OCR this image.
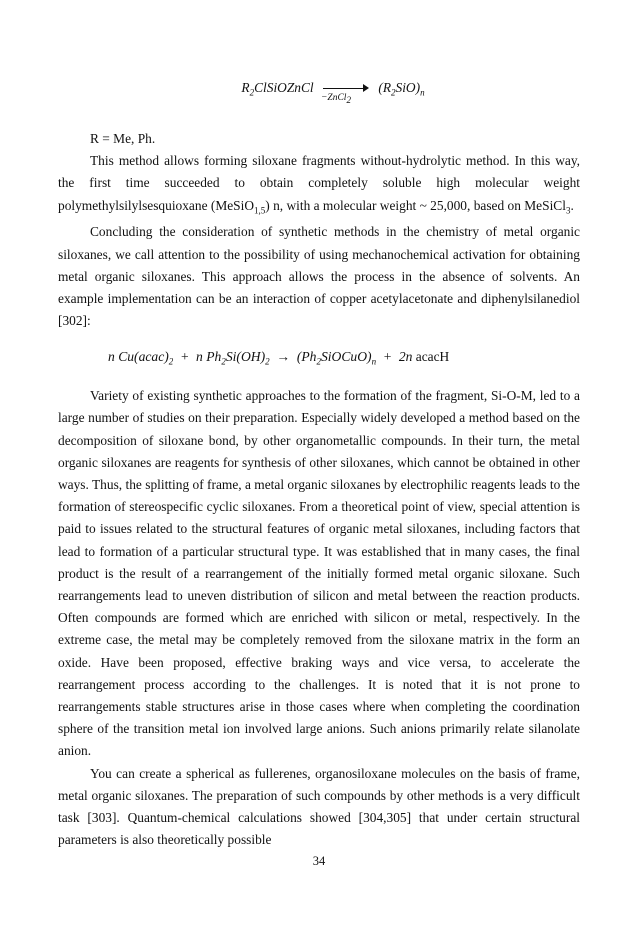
$R_2ClSiOZnCl$
−ZnCl$_2$
$(R_2SiO)_n$

R = Me, Ph.

This method allows forming siloxane fragments without-hydrolytic method. In this way, the first time succeeded to obtain completely soluble high molecular weight polymethylsilylsesquioxane (MeSiO$_{1,5}$) n, with a molecular weight ~ 25,000, based on MeSiCl$_3$.

Concluding the consideration of synthetic methods in the chemistry of metal organic siloxanes, we call attention to the possibility of using mechanochemical activation for obtaining metal organic siloxanes. This approach allows the process in the absence of solvents. An example implementation can be an interaction of copper acetylacetonate and diphenylsilanediol [302]:

n $Cu(acac)_2 + n$ $Ph_2Si(OH)_2$  →  $(Ph_2SiOCuO)_n + 2n$ acacH

Variety of existing synthetic approaches to the formation of the fragment, Si-O-M, led to a large number of studies on their preparation. Especially widely developed a method based on the decomposition of siloxane bond, by other organometallic compounds. In their turn, the metal organic siloxanes are reagents for synthesis of other siloxanes, which cannot be obtained in other ways. Thus, the splitting of frame, a metal organic siloxanes by electrophilic reagents leads to the formation of stereospecific cyclic siloxanes. From a theoretical point of view, special attention is paid to issues related to the structural features of organic metal siloxanes, including factors that lead to formation of a particular structural type. It was established that in many cases, the final product is the result of a rearrangement of the initially formed metal organic siloxane. Such rearrangements lead to uneven distribution of silicon and metal between the reaction products. Often compounds are formed which are enriched with silicon or metal, respectively. In the extreme case, the metal may be completely removed from the siloxane matrix in the form an oxide. Have been proposed, effective braking ways and vice versa, to accelerate the rearrangement process according to the challenges. It is noted that it is not prone to rearrangements stable structures arise in those cases where when completing the coordination sphere of the transition metal ion involved large anions. Such anions primarily relate silanolate anion.

You can create a spherical as fullerenes, organosiloxane molecules on the basis of frame, metal organic siloxanes. The preparation of such compounds by other methods is a very difficult task [303]. Quantum-chemical calculations showed [304,305] that under certain structural parameters is also theoretically possible

34
